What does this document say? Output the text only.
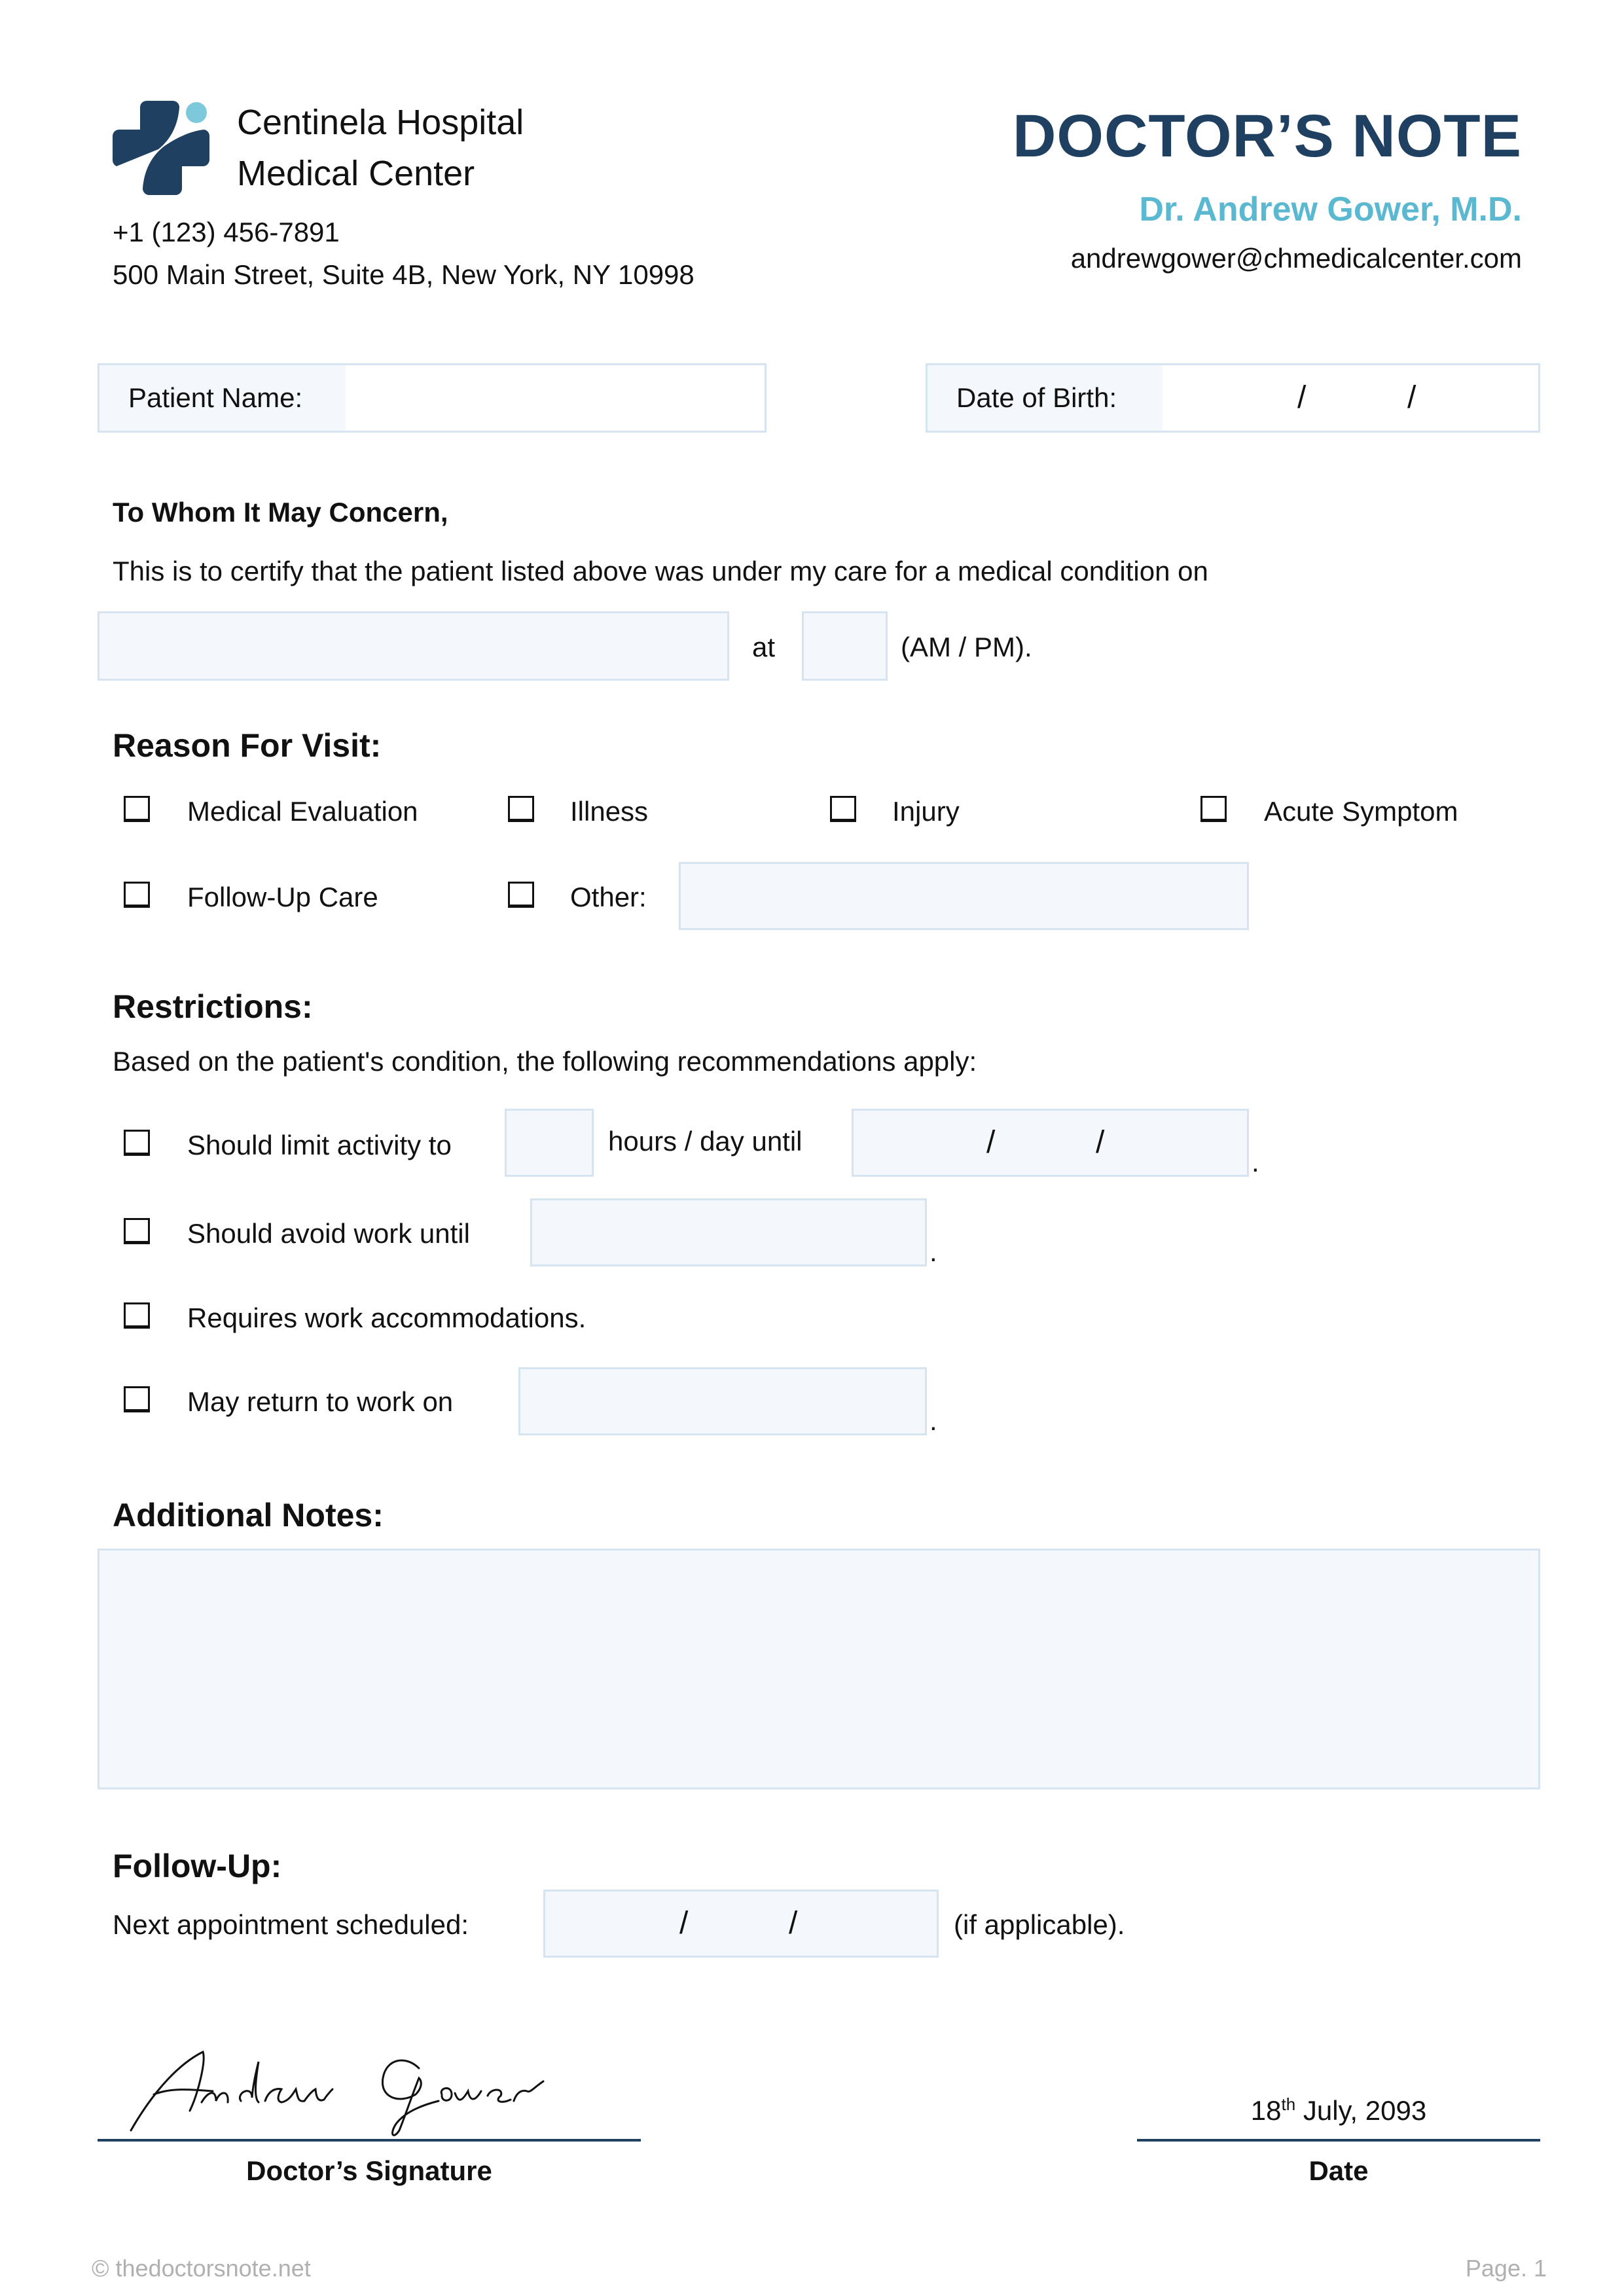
Centinela Hospital
Medical Center
+1 (123) 456-7891
500 Main Street, Suite 4B, New York, NY 10998
DOCTOR’S NOTE
Dr. Andrew Gower, M.D.
andrewgower@chmedicalcenter.com
Patient Name:	Date of Birth:	/	/
To Whom It May Concern,
This is to certify that the patient listed above was under my care for a medical condition on
at	(AM / PM).
Reason For Visit:
Medical Evaluation	Illness	Injury	Acute Symptom
Follow-Up Care	Other:
Restrictions:
Based on the patient's condition, the following recommendations apply:
Should limit activity to	hours / day until	/	/
.
Should avoid work until
.
Requires work accommodations.
May return to work on
.
Additional Notes:
Follow-Up:
Next appointment scheduled:	/	/	(if applicable).
Doctor’s Signature
18th July, 2093
Date
© thedoctorsnote.net	Page. 1
